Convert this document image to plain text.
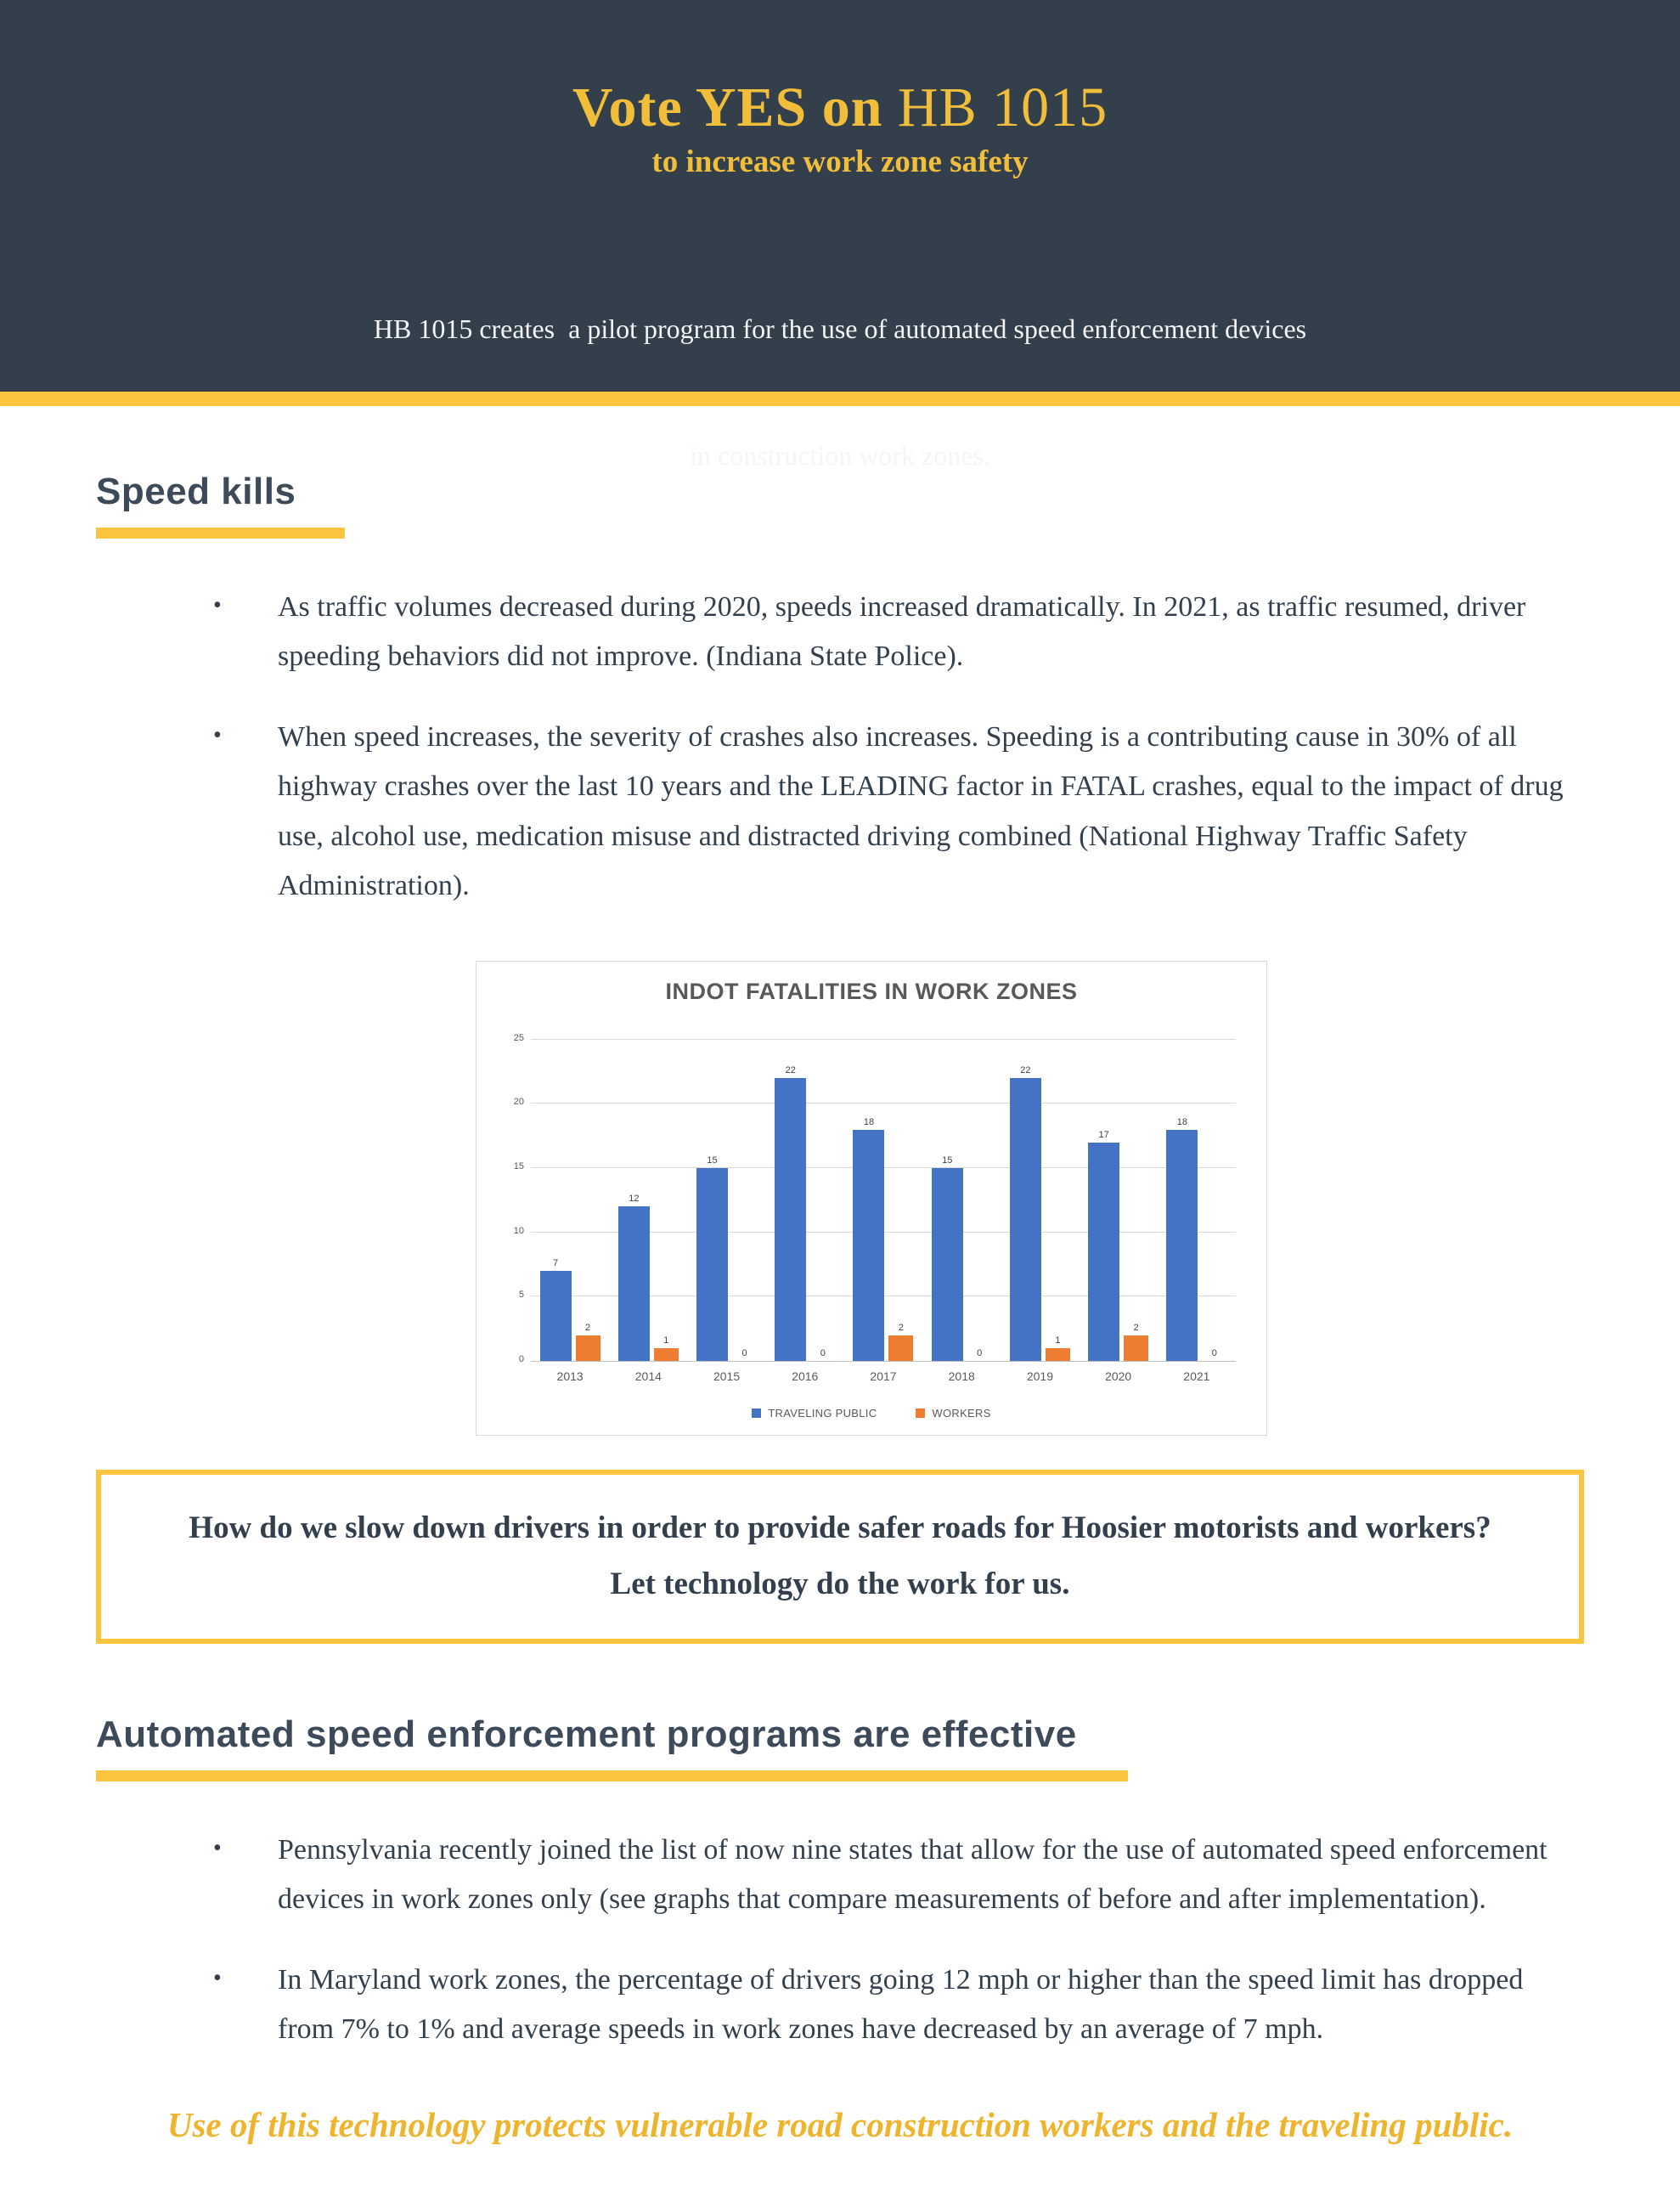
Vote YES on HB 1015
to increase work zone safety

HB 1015 creates  a pilot program for the use of automated speed enforcement devices

in construction work zones.

Speed kills
•	As traffic volumes decreased during 2020, speeds increased dramatically. In 2021, as traffic resumed, driver speeding behaviors did not improve. (Indiana State Police).
•	When speed increases, the severity of crashes also increases. Speeding is a contributing cause in 30% of all highway crashes over the last 10 years and the LEADING factor in FATAL crashes, equal to the impact of drug use, alcohol use, medication misuse and distracted driving combined (National Highway Traffic Safety Administration).
INDOT FATALITIES IN WORK ZONES
0
5
10
15
20
25
7
2
12
1
15
0
22
0
18
2
15
0
22
1
17
2
18
0
2013	2014	2015	2016	2017	2018	2019	2020	2021
TRAVELING PUBLIC	WORKERS

How do we slow down drivers in order to provide safer roads for Hoosier motorists and workers?

Let technology do the work for us.

Automated speed enforcement programs are effective
•	Pennsylvania recently joined the list of now nine states that allow for the use of automated speed enforcement devices in work zones only (see graphs that compare measurements of before and after implementation).
•	In Maryland work zones, the percentage of drivers going 12 mph or higher than the speed limit has dropped from 7% to 1% and average speeds in work zones have decreased by an average of 7 mph.
Use of this technology protects vulnerable road construction workers and the traveling public.
